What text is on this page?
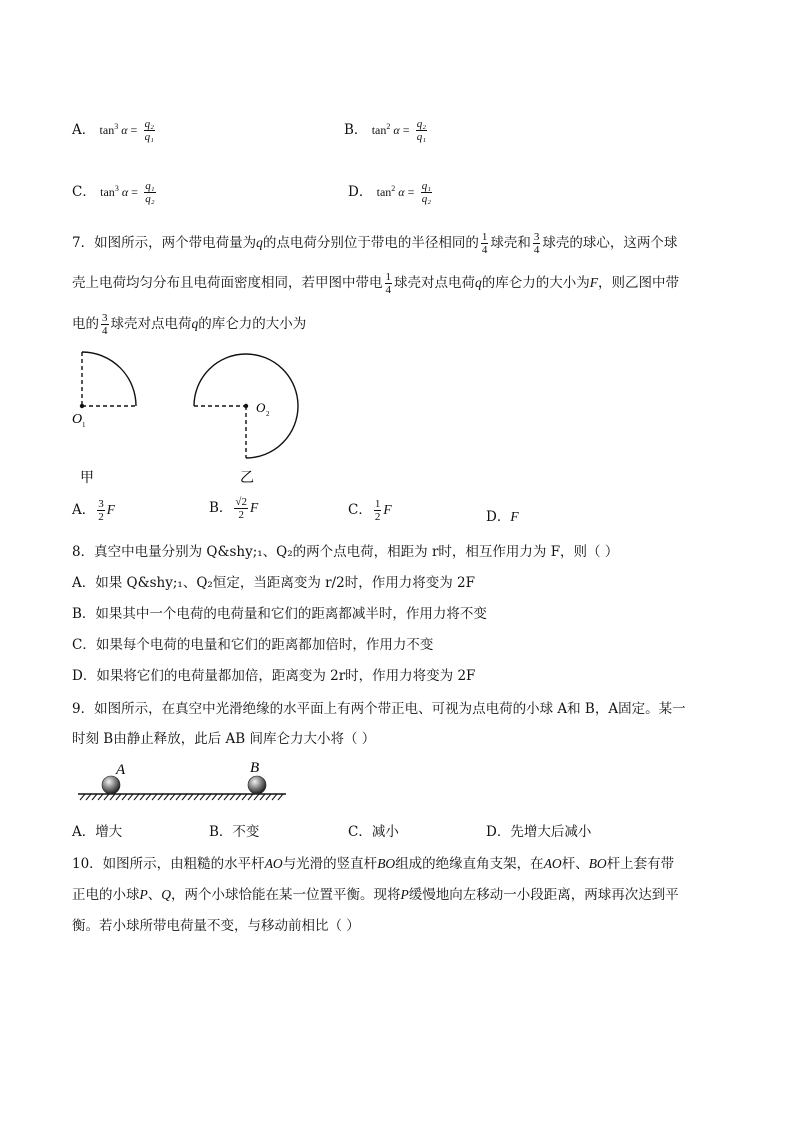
A． $\tan^3 \alpha = \frac{\text{q₂}}{\text{q₁}}$	B． $\tan^2 \alpha = \frac{\text{q₂}}{\text{q₁}}$
C． $\tan^3 \alpha = \frac{\text{q₁}}{\text{q₂}}$	D． $\tan^2 \alpha = \frac{\text{q₁}}{\text{q₂}}$
7．如图所示，两个带电荷量为q的点电荷分别位于带电的半径相同的 $\frac{1}{4}$ 球壳和 $\frac{3}{4}$ 球壳的球心，这两个球
壳上电荷均匀分布且电荷面密度相同，若甲图中带电 $\frac{1}{4}$ 球壳对点电荷q的库仑力的大小为F，则乙图中带
电的 $\frac{3}{4}$ 球壳对点电荷q的库仑力的大小为
O 1
甲
O 2
乙
A． $\frac{3}{2}$ F	B． $\frac{√2}{2}$ F	C． $\frac{1}{2}$ F	D．F
8．真空中电量分别为 Q&shy;₁、Q₂的两个点电荷，相距为 r时，相互作用力为 F，则（ ）
A．如果 Q&shy;₁、Q₂恒定，当距离变为 r/2时，作用力将变为 2F
B．如果其中一个电荷的电荷量和它们的距离都减半时，作用力将不变
C．如果每个电荷的电量和它们的距离都加倍时，作用力不变
D．如果将它们的电荷量都加倍，距离变为 2r时，作用力将变为 2F
9．如图所示，在真空中光滑绝缘的水平面上有两个带正电、可视为点电荷的小球 A和 B，A固定。某一
时刻 B由静止释放，此后 AB 间库仑力大小将（ ）
A	B
A．增大	B．不变	C．减小	D．先增大后减小
10．如图所示，由粗糙的水平杆AO与光滑的竖直杆BO组成的绝缘直角支架，在AO杆、BO杆上套有带
正电的小球P、Q，两个小球恰能在某一位置平衡。现将P缓慢地向左移动一小段距离，两球再次达到平
衡。若小球所带电荷量不变，与移动前相比（ ）
